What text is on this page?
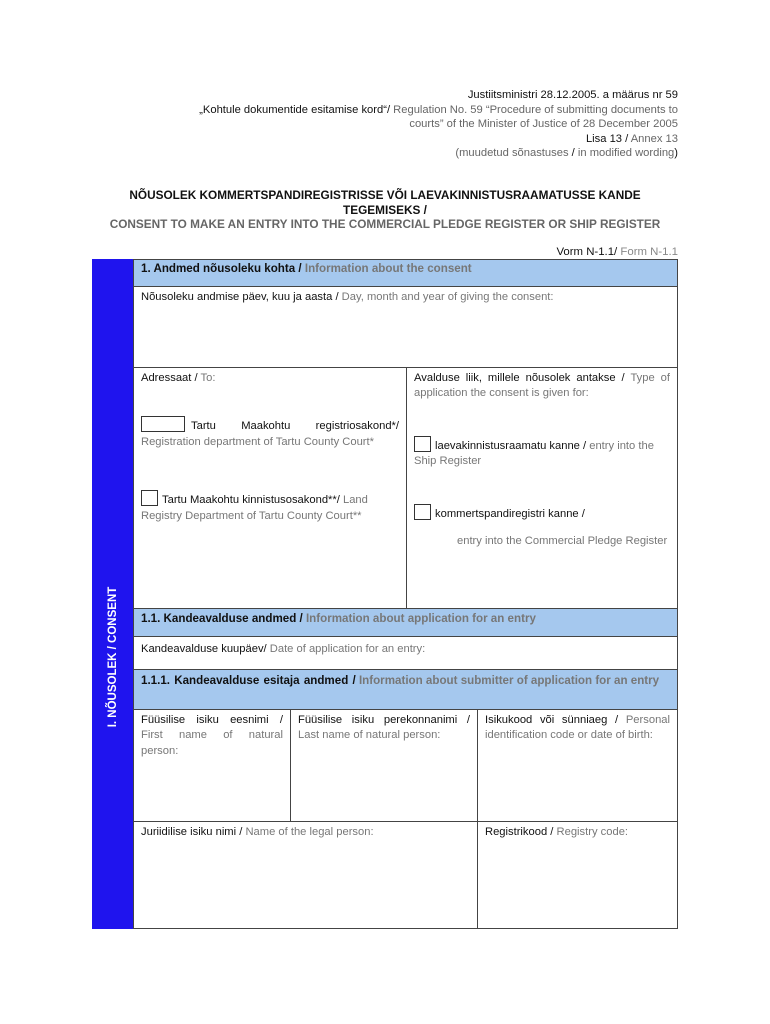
Justiitsministri 28.12.2005. a määrus nr 59
„Kohtule dokumentide esitamise kord“/ Regulation No. 59 “Procedure of submitting documents to
courts” of the Minister of Justice of 28 December 2005
Lisa 13 / Annex 13
(muudetud sõnastuses / in modified wording)
NÕUSOLEK KOMMERTSPANDIREGISTRISSE VÕI LAEVAKINNISTUSRAAMATUSSE KANDE TEGEMISEKS /
CONSENT TO MAKE AN ENTRY INTO THE COMMERCIAL PLEDGE REGISTER OR SHIP REGISTER
Vorm N-1.1/ Form N-1.1
I. NÕUSOLEK / CONSENT
1. Andmed nõusoleku kohta / Information about the consent
Nõusoleku andmise päev, kuu ja aasta / Day, month and year of giving the consent:
Adressaat / To:
Tartu Maakohtu registriosakond*/ Registration department of Tartu County Court*
Tartu Maakohtu kinnistusosakond**/ Land Registry Department of Tartu County Court**
Avalduse liik, millele nõusolek antakse / Type of application the consent is given for:
laevakinnistusraamatu kanne / entry into the Ship Register
kommertspandiregistri kanne /
entry into the Commercial Pledge Register
1.1. Kandeavalduse andmed / Information about application for an entry
Kandeavalduse kuupäev/ Date of application for an entry:
1.1.1. Kandeavalduse esitaja andmed / Information about submitter of application for an entry
Füüsilise isiku eesnimi / First name of natural person:
Füüsilise isiku perekonnanimi / Last name of natural person:
Isikukood või sünniaeg / Personal identification code or date of birth:
Juriidilise isiku nimi / Name of the legal person:	Registrikood / Registry code:
